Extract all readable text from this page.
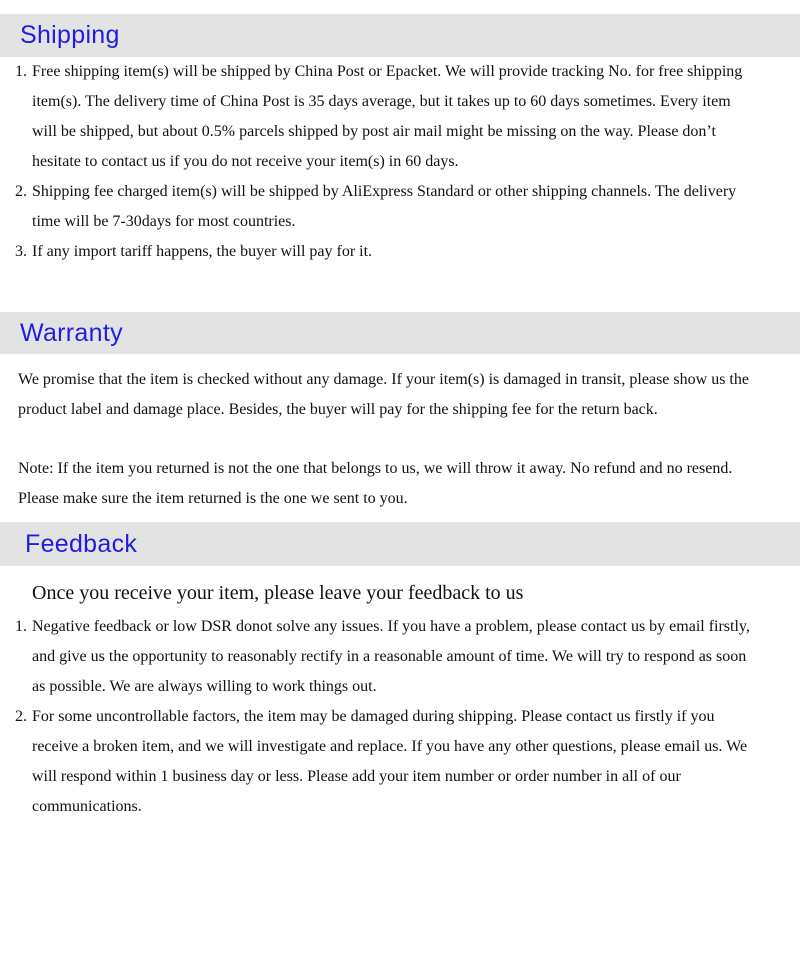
Shipping
1. Free shipping item(s) will be shipped by China Post or Epacket. We will provide tracking No. for free shipping item(s). The delivery time of China Post is 35 days average, but it takes up to 60 days sometimes. Every item will be shipped, but about 0.5% parcels shipped by post air mail might be missing on the way. Please don’t hesitate to contact us if you do not receive your item(s) in 60 days.
2. Shipping fee charged item(s) will be shipped by AliExpress Standard or other shipping channels. The delivery time will be 7-30days for most countries.
3. If any import tariff happens, the buyer will pay for it.
Warranty

We promise that the item is checked without any damage. If your item(s) is damaged in transit, please show us the product label and damage place. Besides, the buyer will pay for the shipping fee for the return back.

Note: If the item you returned is not the one that belongs to us, we will throw it away. No refund and no resend. Please make sure the item returned is the one we sent to you.

Feedback

Once you receive your item, please leave your feedback to us

1. Negative feedback or low DSR donot solve any issues. If you have a problem, please contact us by email firstly, and give us the opportunity to reasonably rectify in a reasonable amount of time. We will try to respond as soon as possible. We are always willing to work things out.
2. For some uncontrollable factors, the item may be damaged during shipping. Please contact us firstly if you receive a broken item, and we will investigate and replace. If you have any other questions, please email us. We will respond within 1 business day or less. Please add your item number or order number in all of our communications.
